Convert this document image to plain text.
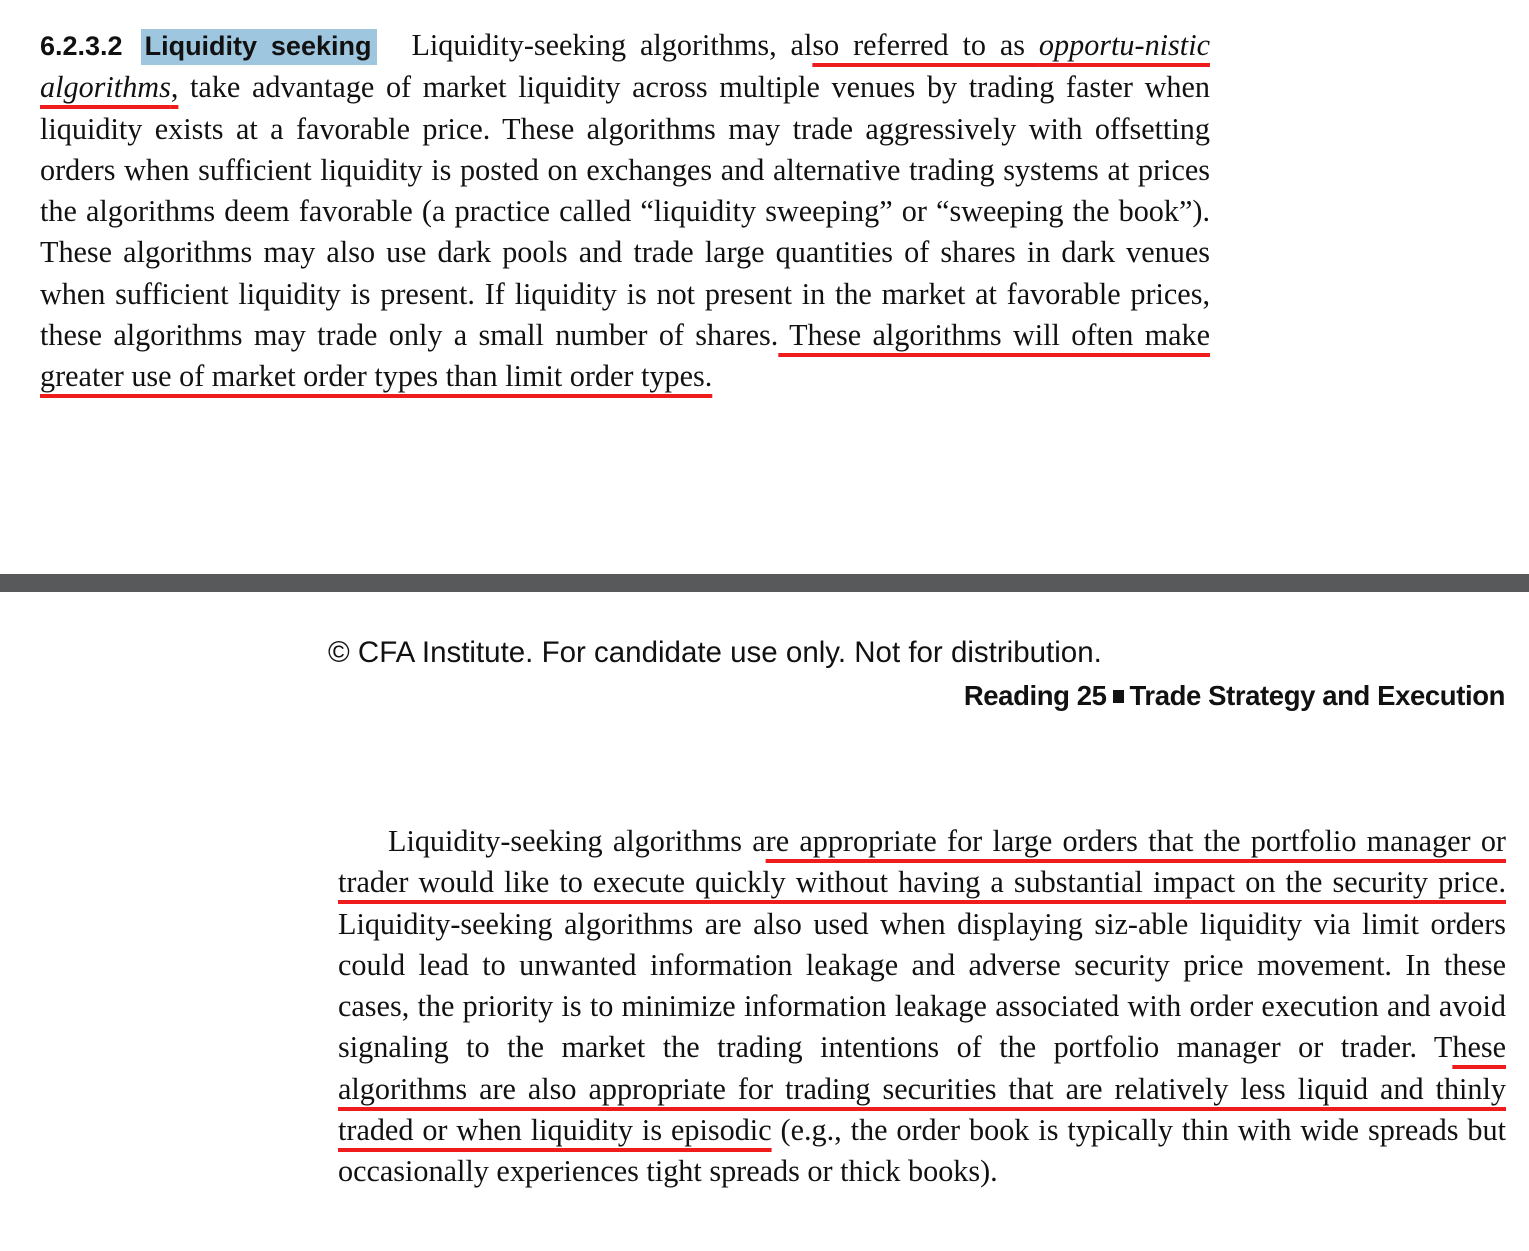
6.2.3.2 Liquidity seeking Liquidity-seeking algorithms, also referred to as opportu-nistic algorithms, take advantage of market liquidity across multiple venues by trading faster when liquidity exists at a favorable price. These algorithms may trade aggressively with offsetting orders when sufficient liquidity is posted on exchanges and alternative trading systems at prices the algorithms deem favorable (a practice called “liquidity sweeping” or “sweeping the book”). These algorithms may also use dark pools and trade large quantities of shares in dark venues when sufficient liquidity is present. If liquidity is not present in the market at favorable prices, these algorithms may trade only a small number of shares. These algorithms will often make greater use of market order types than limit order types.

© CFA Institute. For candidate use only. Not for distribution.

Reading 25 Trade Strategy and Execution

Liquidity-seeking algorithms are appropriate for large orders that the portfolio manager or trader would like to execute quickly without having a substantial impact on the security price. Liquidity-seeking algorithms are also used when displaying siz-able liquidity via limit orders could lead to unwanted information leakage and adverse security price movement. In these cases, the priority is to minimize information leakage associated with order execution and avoid signaling to the market the trading intentions of the portfolio manager or trader. These algorithms are also appropriate for trading securities that are relatively less liquid and thinly traded or when liquidity is episodic (e.g., the order book is typically thin with wide spreads but occasionally experiences tight spreads or thick books).
